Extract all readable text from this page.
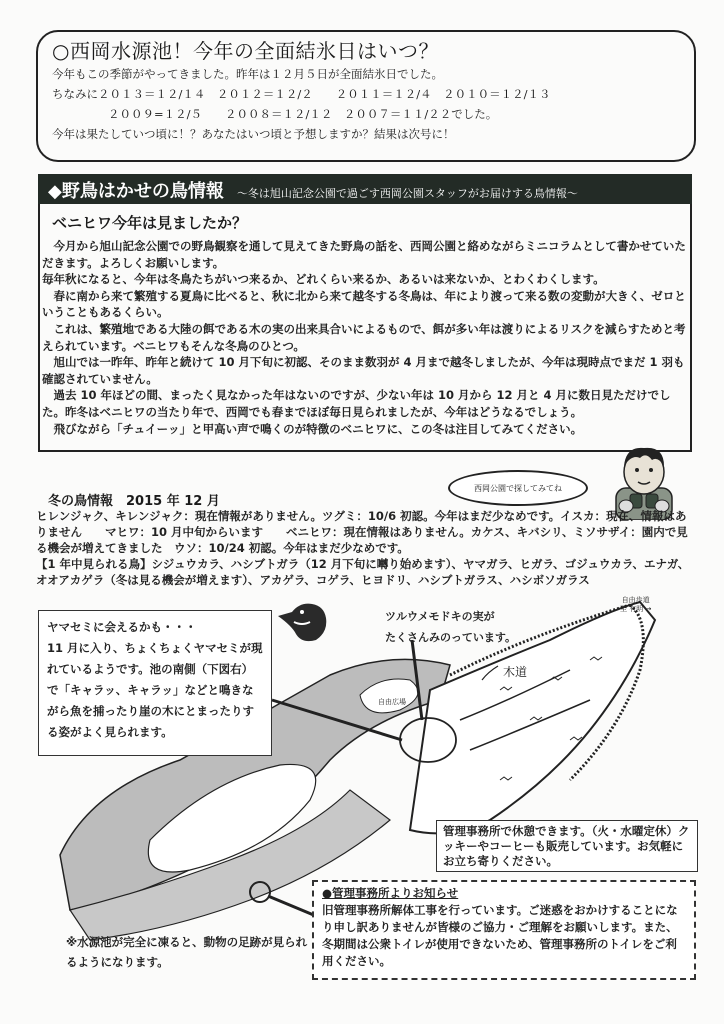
○西岡水源池！今年の全面結氷日はいつ？
今年もこの季節がやってきました。昨年は１２月５日が全面結氷日でした。
ちなみに２０１３＝１２/１４　２０１２＝１２/２　　２０１１＝１２/４　２０１０＝１２/１３
２００９=１２/５　　２００８＝１２/１２　２００７＝１１/２２でした。
今年は果たしていつ頃に！？あなたはいつ頃と予想しますか？結果は次号に！
◆野鳥はかせの鳥情報 ～冬は旭山記念公園で過ごす西岡公園スタッフがお届けする鳥情報～
ベニヒワ今年は見ましたか？

今月から旭山記念公園での野鳥観察を通して見えてきた野鳥の話を、西岡公園と絡めながらミニコラムとして書かせていただきます。よろしくお願いします。

毎年秋になると、今年は冬鳥たちがいつ来るか、どれくらい来るか、あるいは来ないか、とわくわくします。

春に南から来て繁殖する夏鳥に比べると、秋に北から来て越冬する冬鳥は、年により渡って来る数の変動が大きく、ゼロということもあるくらい。

これは、繁殖地である大陸の餌である木の実の出来具合いによるもので、餌が多い年は渡りによるリスクを減らすためと考えられています。ベニヒワもそんな冬鳥のひとつ。

旭山では一昨年、昨年と続けて 10 月下旬に初認、そのまま数羽が 4 月まで越冬しましたが、今年は現時点でまだ 1 羽も確認されていません。

過去 10 年ほどの間、まったく見なかった年はないのですが、少ない年は 10 月から 12 月と 4 月に数日見ただけでした。昨冬はベニヒワの当たり年で、西岡でも春までほぼ毎日見られましたが、今年はどうなるでしょう。

飛びながら「チュイーッ」と甲高い声で鳴くのが特徴のベニヒワに、この冬は注目してみてください。

西岡公園で探してみてね
冬の鳥情報　2015 年 12 月
ヒレンジャク、キレンジャク：現在情報がありません。ツグミ：10/6 初認。今年はまだ少なめです。イスカ：現在、情報はありません　　マヒワ：10 月中旬からいます　　ベニヒワ：現在情報はありません。カケス、キバシリ、ミソサザイ：園内で見る機会が増えてきました　ウソ：10/24 初認。今年はまだ少なめです。
【1 年中見られる鳥】シジュウカラ、ハシブトガラ（12 月下旬に囀り始めます）、ヤマガラ、ヒガラ、ゴジュウカラ、エナガ、オオアカゲラ（冬は見る機会が増えます）、アカゲラ、コゲラ、ヒヨドリ、ハシブトガラス、ハシボソガラス
ヤマセミに会えるかも・・・
11 月に入り、ちょくちょくヤマセミが現れているようです。池の南側（下図右）で「キャラッ、キャラッ」などと鳴きながら魚を捕ったり崖の木にとまったりする姿がよく見られます。
ツルウメモドキの実が
たくさんみのっています。
木道
自由歩道
至 有明 →
自由広場
管理事務所で休憩できます。（火・水曜定休）クッキーやコーヒーも販売しています。お気軽にお立ち寄りください。
●管理事務所よりお知らせ
旧管理事務所解体工事を行っています。ご迷惑をおかけすることになり申し訳ありませんが皆様のご協力・ご理解をお願いします。また、冬期間は公衆トイレが使用できないため、管理事務所のトイレをご利用ください。
※水源池が完全に凍ると、動物の足跡が見られるようになります。
